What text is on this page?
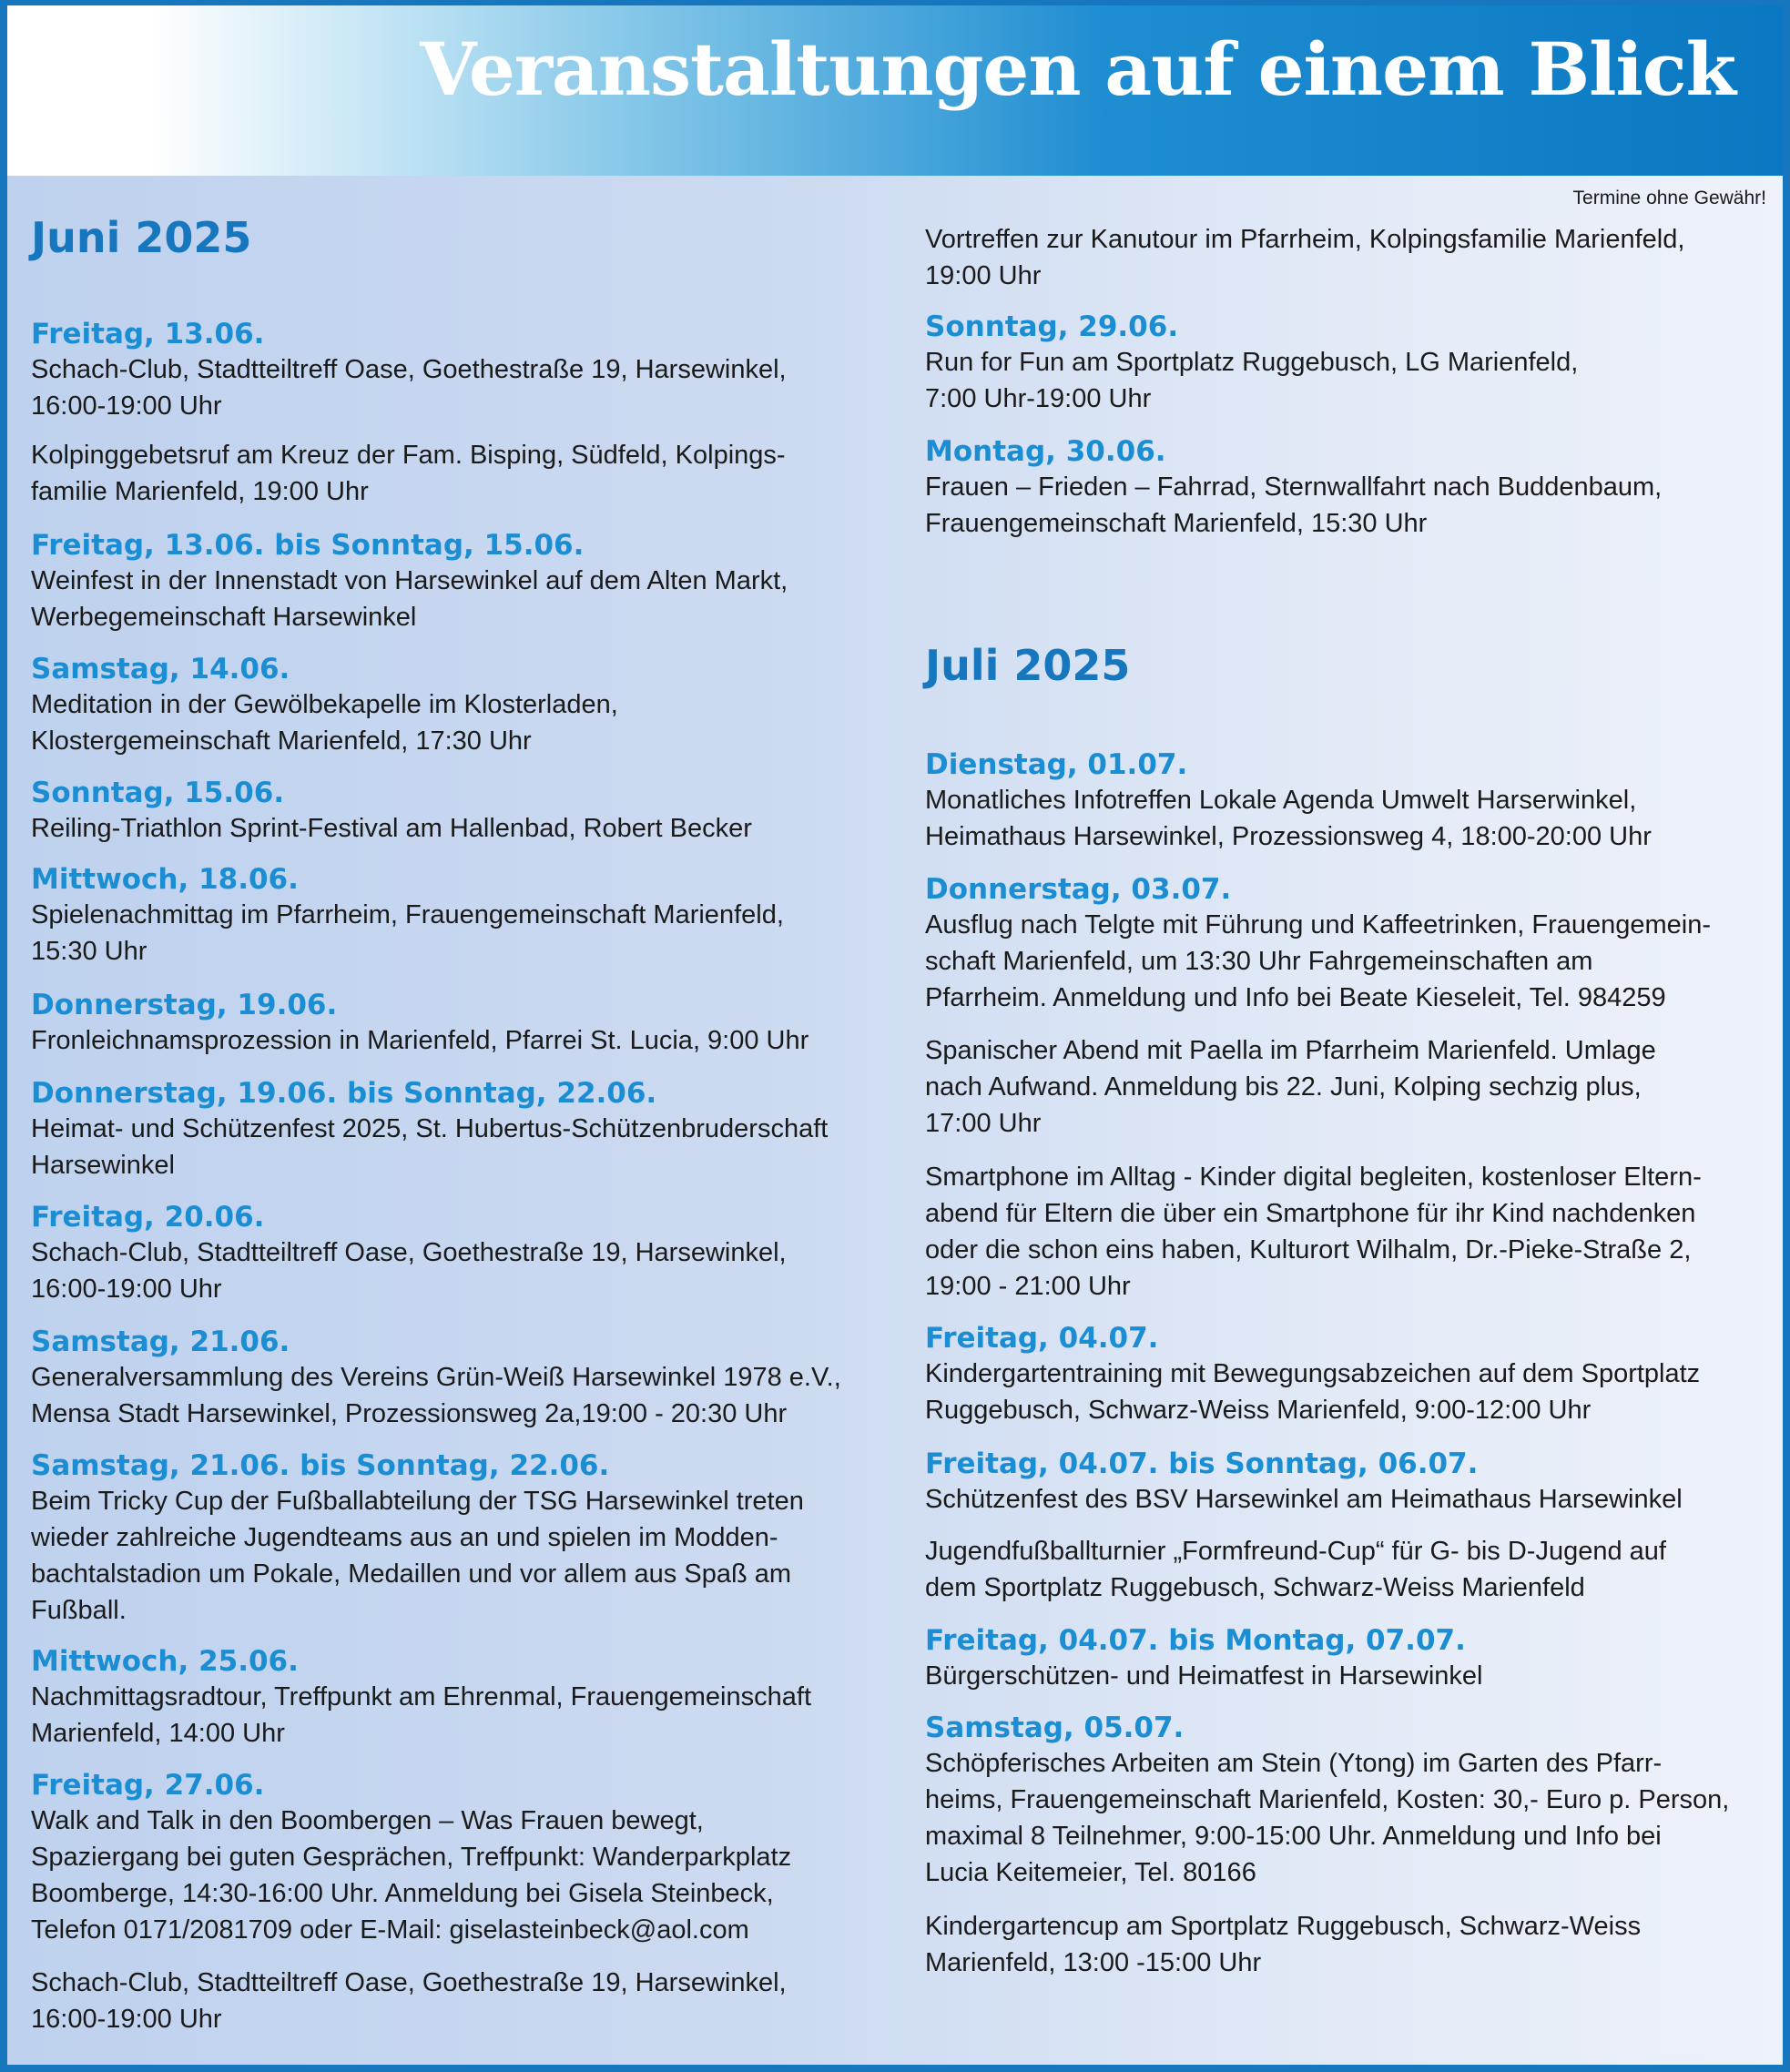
Veranstaltungen auf einem Blick
Termine ohne Gewähr!
Juni 2025
Freitag, 13.06.
Schach-Club, Stadtteiltreff Oase, Goethestraße 19, Harsewinkel,
16:00-19:00 Uhr
Kolpinggebetsruf am Kreuz der Fam. Bisping, Südfeld, Kolpings-
familie Marienfeld, 19:00 Uhr
Freitag, 13.06. bis Sonntag, 15.06.
Weinfest in der Innenstadt von Harsewinkel auf dem Alten Markt,
Werbegemeinschaft Harsewinkel
Samstag, 14.06.
Meditation in der Gewölbekapelle im Klosterladen,
Klostergemeinschaft Marienfeld, 17:30 Uhr
Sonntag, 15.06.
Reiling-Triathlon Sprint-Festival am Hallenbad, Robert Becker
Mittwoch, 18.06.
Spielenachmittag im Pfarrheim, Frauengemeinschaft Marienfeld,
15:30 Uhr
Donnerstag, 19.06.
Fronleichnamsprozession in Marienfeld, Pfarrei St. Lucia, 9:00 Uhr
Donnerstag, 19.06. bis Sonntag, 22.06.
Heimat- und Schützenfest 2025, St. Hubertus-Schützenbruderschaft
Harsewinkel
Freitag, 20.06.
Schach-Club, Stadtteiltreff Oase, Goethestraße 19, Harsewinkel,
16:00-19:00 Uhr
Samstag, 21.06.
Generalversammlung des Vereins Grün-Weiß Harsewinkel 1978 e.V.,
Mensa Stadt Harsewinkel, Prozessionsweg 2a,19:00 - 20:30 Uhr
Samstag, 21.06. bis Sonntag, 22.06.
Beim Tricky Cup der Fußballabteilung der TSG Harsewinkel treten
wieder zahlreiche Jugendteams aus an und spielen im Modden-
bachtalstadion um Pokale, Medaillen und vor allem aus Spaß am
Fußball.
Mittwoch, 25.06.
Nachmittagsradtour, Treffpunkt am Ehrenmal, Frauengemeinschaft
Marienfeld, 14:00 Uhr
Freitag, 27.06.
Walk and Talk in den Boombergen – Was Frauen bewegt,
Spaziergang bei guten Gesprächen, Treffpunkt: Wanderparkplatz
Boomberge, 14:30-16:00 Uhr. Anmeldung bei Gisela Steinbeck,
Telefon 0171/2081709 oder E-Mail: giselasteinbeck@aol.com
Schach-Club, Stadtteiltreff Oase, Goethestraße 19, Harsewinkel,
16:00-19:00 Uhr
Vortreffen zur Kanutour im Pfarrheim, Kolpingsfamilie Marienfeld,
19:00 Uhr
Sonntag, 29.06.
Run for Fun am Sportplatz Ruggebusch, LG Marienfeld,
7:00 Uhr-19:00 Uhr
Montag, 30.06.
Frauen – Frieden – Fahrrad, Sternwallfahrt nach Buddenbaum,
Frauengemeinschaft Marienfeld, 15:30 Uhr
Juli 2025
Dienstag, 01.07.
Monatliches Infotreffen Lokale Agenda Umwelt Harserwinkel,
Heimathaus Harsewinkel, Prozessionsweg 4, 18:00-20:00 Uhr
Donnerstag, 03.07.
Ausflug nach Telgte mit Führung und Kaffeetrinken, Frauengemein-
schaft Marienfeld, um 13:30 Uhr Fahrgemeinschaften am
Pfarrheim. Anmeldung und Info bei Beate Kieseleit, Tel. 984259
Spanischer Abend mit Paella im Pfarrheim Marienfeld. Umlage
nach Aufwand. Anmeldung bis 22. Juni, Kolping sechzig plus,
17:00 Uhr
Smartphone im Alltag - Kinder digital begleiten, kostenloser Eltern-
abend für Eltern die über ein Smartphone für ihr Kind nachdenken
oder die schon eins haben, Kulturort Wilhalm, Dr.-Pieke-Straße 2,
19:00 - 21:00 Uhr
Freitag, 04.07.
Kindergartentraining mit Bewegungsabzeichen auf dem Sportplatz
Ruggebusch, Schwarz-Weiss Marienfeld, 9:00-12:00 Uhr
Freitag, 04.07. bis Sonntag, 06.07.
Schützenfest des BSV Harsewinkel am Heimathaus Harsewinkel
Jugendfußballturnier „Formfreund-Cup“ für G- bis D-Jugend auf
dem Sportplatz Ruggebusch, Schwarz-Weiss Marienfeld
Freitag, 04.07. bis Montag, 07.07.
Bürgerschützen- und Heimatfest in Harsewinkel
Samstag, 05.07.
Schöpferisches Arbeiten am Stein (Ytong) im Garten des Pfarr-
heims, Frauengemeinschaft Marienfeld, Kosten: 30,- Euro p. Person,
maximal 8 Teilnehmer, 9:00-15:00 Uhr. Anmeldung und Info bei
Lucia Keitemeier, Tel. 80166
Kindergartencup am Sportplatz Ruggebusch, Schwarz-Weiss
Marienfeld, 13:00 -15:00 Uhr
